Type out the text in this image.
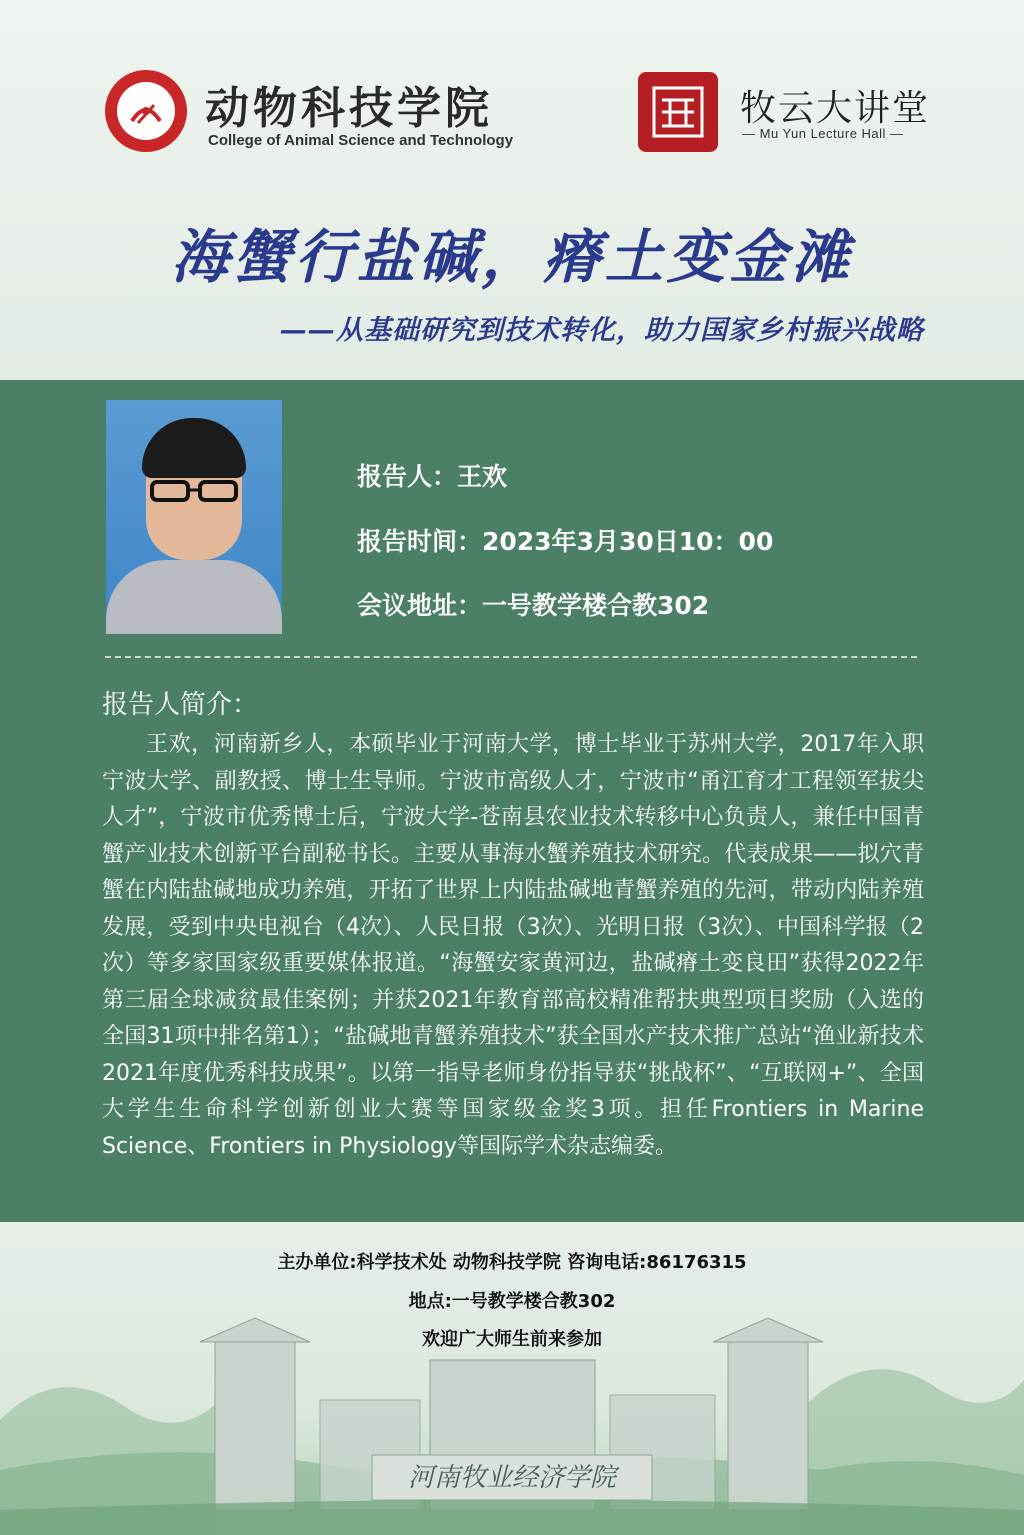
动物科技学院
College of Animal Science and Technology
牧云大讲堂
— Mu Yun Lecture Hall —
海蟹行盐碱，瘠土变金滩
——从基础研究到技术转化，助力国家乡村振兴战略
报告人：王欢
报告时间：2023年3月30日10：00
会议地址：一号教学楼合教302
报告人简介：
王欢，河南新乡人，本硕毕业于河南大学，博士毕业于苏州大学，2017年入职宁波大学、副教授、博士生导师。宁波市高级人才，宁波市“甬江育才工程领军拔尖人才”，宁波市优秀博士后，宁波大学-苍南县农业技术转移中心负责人，兼任中国青蟹产业技术创新平台副秘书长。主要从事海水蟹养殖技术研究。代表成果——拟穴青蟹在内陆盐碱地成功养殖，开拓了世界上内陆盐碱地青蟹养殖的先河，带动内陆养殖发展，受到中央电视台（4次）、人民日报（3次）、光明日报（3次）、中国科学报（2次）等多家国家级重要媒体报道。“海蟹安家黄河边，盐碱瘠土变良田”获得2022年第三届全球减贫最佳案例；并获2021年教育部高校精准帮扶典型项目奖励（入选的全国31项中排名第1）；“盐碱地青蟹养殖技术”获全国水产技术推广总站“渔业新技术2021年度优秀科技成果”。以第一指导老师身份指导获“挑战杯”、“互联网+”、全国大学生生命科学创新创业大赛等国家级金奖3项。担任Frontiers in Marine Science、Frontiers in Physiology等国际学术杂志编委。
主办单位:科学技术处 动物科技学院 咨询电话:86176315
地点:一号教学楼合教302
欢迎广大师生前来参加
河南牧业经济学院
